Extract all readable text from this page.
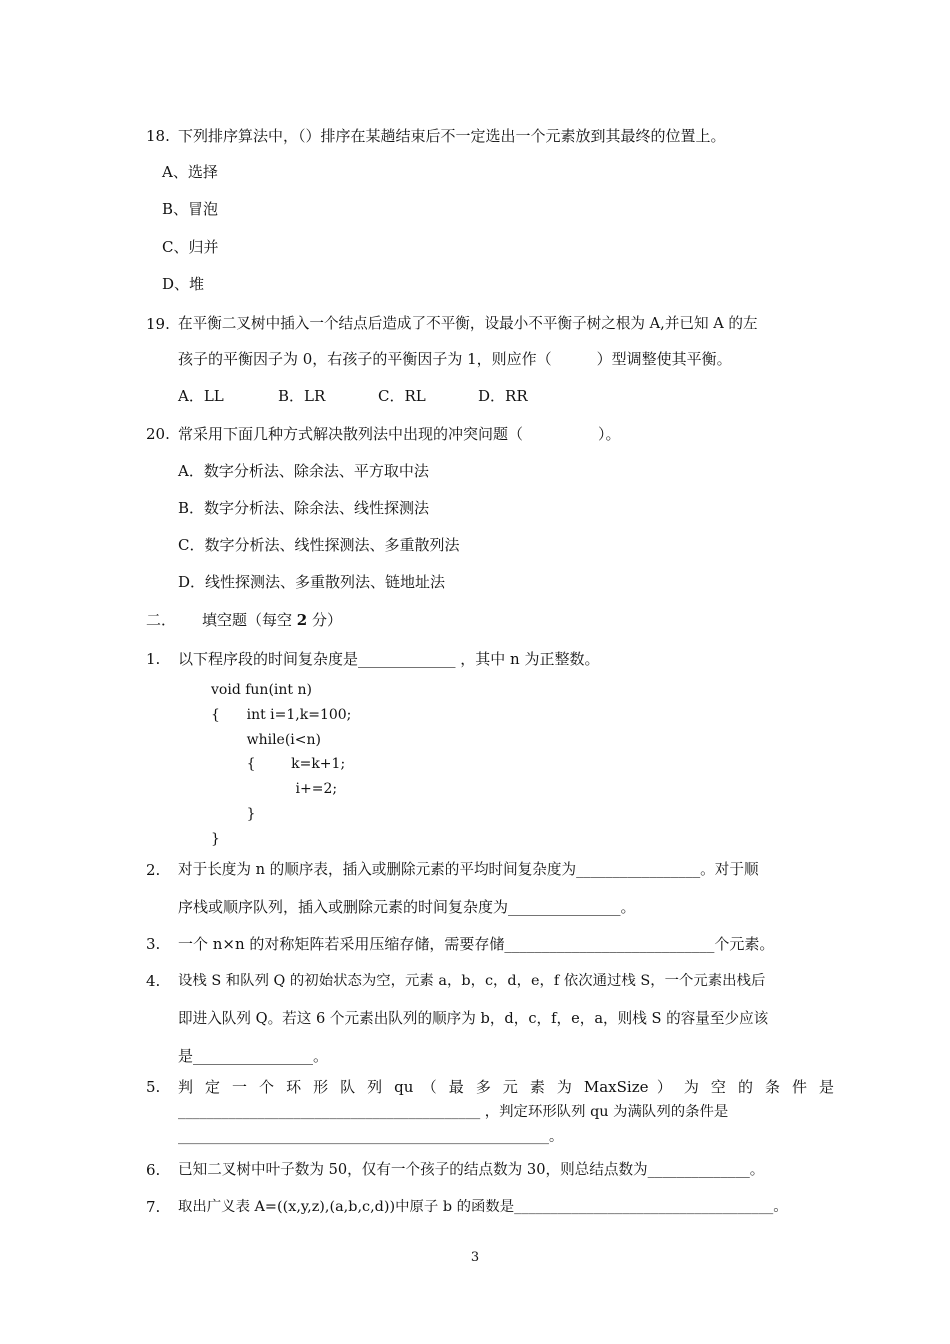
18. 下列排序算法中，（）排序在某趟结束后不一定选出一个元素放到其最终的位置上。
A、选择
B、冒泡
C、归并
D、堆
19. 在平衡二叉树中插入一个结点后造成了不平衡，设最小不平衡子树之根为 A,并已知 A 的左
孩子的平衡因子为 0，右孩子的平衡因子为 1，则应作（　　　）型调整使其平衡。
A．LL	B．LR	C．RL	D．RR
20. 常采用下面几种方式解决散列法中出现的冲突问题（　　　　　）。
A．数字分析法、除余法、平方取中法
B．数字分析法、除余法、线性探测法
C．数字分析法、线性探测法、多重散列法
D．线性探测法、多重散列法、链地址法
二． 填空题（每空 2 分）
1. 以下程序段的时间复杂度是_____________ ，其中 n 为正整数。
void fun(int n)
{      int i=1,k=100;
while(i<n)
{        k=k+1;
i+=2;
}
}
2. 对于长度为 n 的顺序表，插入或删除元素的平均时间复杂度为_________________。对于顺
序栈或顺序队列，插入或删除元素的时间复杂度为_______________。
3. 一个 n×n 的对称矩阵若采用压缩存储，需要存储____________________________个元素。
4. 设栈 S 和队列 Q 的初始状态为空，元素 a，b，c，d，e，f 依次通过栈 S，一个元素出栈后
即进入队列 Q。若这 6 个元素出队列的顺序为 b，d，c，f，e，a，则栈 S 的容量至少应该
是________________。
5. 判 定 一 个 环 形 队 列 qu （ 最 多 元 素 为 MaxSize ） 为 空 的 条 件 是
__________________________________________ ，判定环形队列 qu 为满队列的条件是
_____________________________________________________。
6. 已知二叉树中叶子数为 50，仅有一个孩子的结点数为 30，则总结点数为______________。
7. 取出广义表 A=((x,y,z),(a,b,c,d))中原子 b 的函数是____________________________________。
3
